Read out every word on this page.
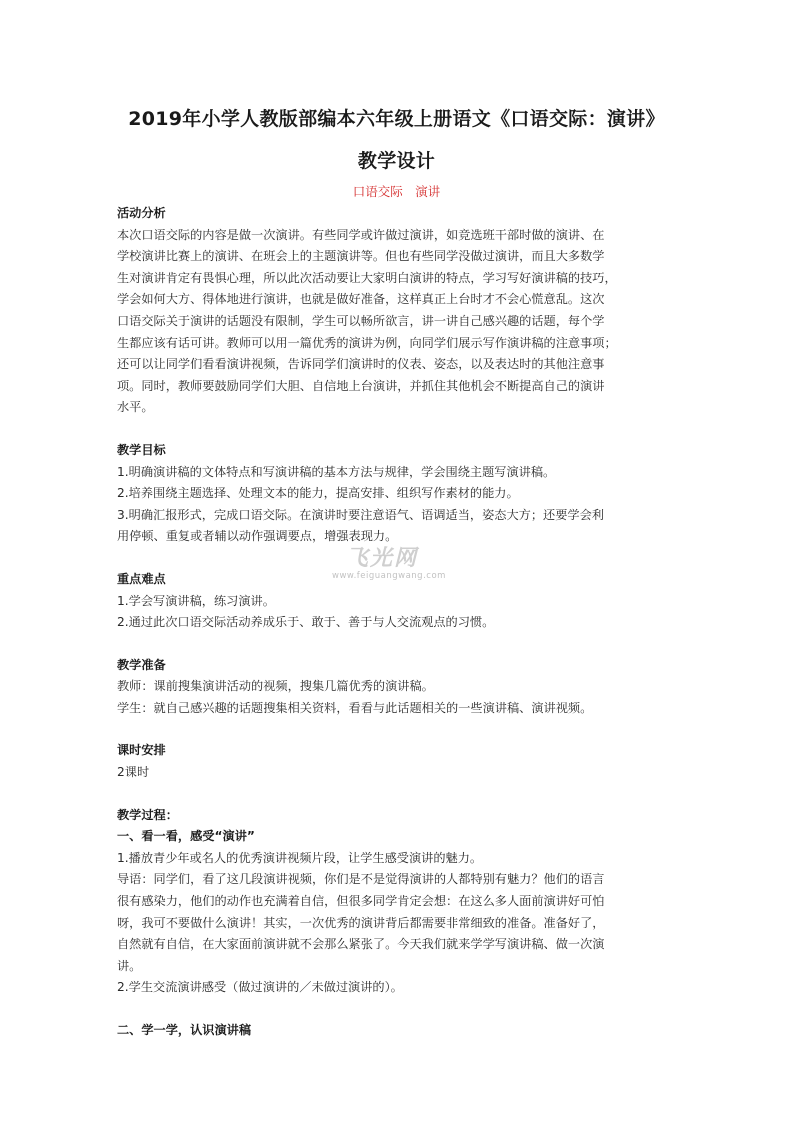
2019年小学人教版部编本六年级上册语文《口语交际：演讲》
教学设计
口语交际　演讲
飞光网
www.feiguangwang.com
活动分析
本次口语交际的内容是做一次演讲。有些同学或许做过演讲，如竞选班干部时做的演讲、在
学校演讲比赛上的演讲、在班会上的主题演讲等。但也有些同学没做过演讲，而且大多数学
生对演讲肯定有畏惧心理，所以此次活动要让大家明白演讲的特点，学习写好演讲稿的技巧，
学会如何大方、得体地进行演讲，也就是做好准备，这样真正上台时才不会心慌意乱。这次
口语交际关于演讲的话题没有限制，学生可以畅所欲言，讲一讲自己感兴趣的话题，每个学
生都应该有话可讲。教师可以用一篇优秀的演讲为例，向同学们展示写作演讲稿的注意事项；
还可以让同学们看看演讲视频，告诉同学们演讲时的仪表、姿态，以及表达时的其他注意事
项。同时，教师要鼓励同学们大胆、自信地上台演讲，并抓住其他机会不断提高自己的演讲
水平。
教学目标
1.明确演讲稿的文体特点和写演讲稿的基本方法与规律，学会围绕主题写演讲稿。
2.培养围绕主题选择、处理文本的能力，提高安排、组织写作素材的能力。
3.明确汇报形式，完成口语交际。在演讲时要注意语气、语调适当，姿态大方；还要学会利
用停顿、重复或者辅以动作强调要点，增强表现力。
重点难点
1.学会写演讲稿，练习演讲。
2.通过此次口语交际活动养成乐于、敢于、善于与人交流观点的习惯。
教学准备
教师：课前搜集演讲活动的视频，搜集几篇优秀的演讲稿。
学生：就自己感兴趣的话题搜集相关资料，看看与此话题相关的一些演讲稿、演讲视频。
课时安排
2课时
教学过程：
一、看一看，感受“演讲”
1.播放青少年或名人的优秀演讲视频片段，让学生感受演讲的魅力。
导语：同学们，看了这几段演讲视频，你们是不是觉得演讲的人都特别有魅力？他们的语言
很有感染力，他们的动作也充满着自信，但很多同学肯定会想：在这么多人面前演讲好可怕
呀，我可不要做什么演讲！其实，一次优秀的演讲背后都需要非常细致的准备。准备好了，
自然就有自信，在大家面前演讲就不会那么紧张了。今天我们就来学学写演讲稿、做一次演
讲。
2.学生交流演讲感受（做过演讲的／未做过演讲的）。
二、学一学，认识演讲稿
